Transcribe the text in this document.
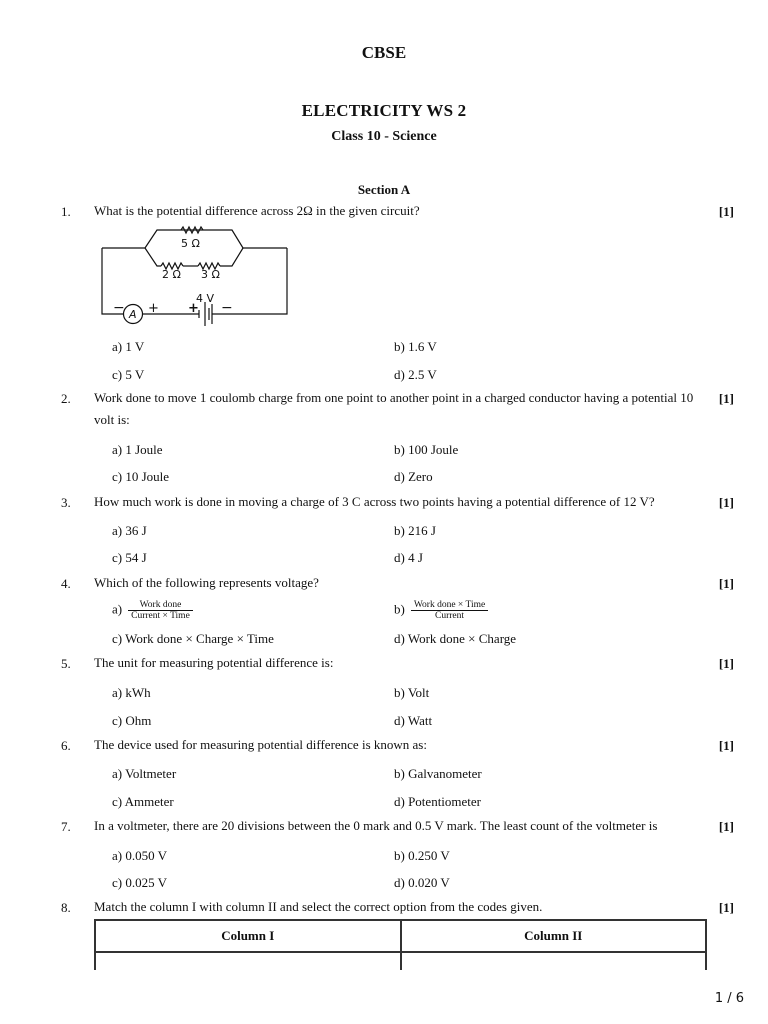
CBSE
ELECTRICITY WS 2
Class 10 - Science
Section A
1. What is the potential difference across 2Ω in the given circuit?	[1]
5 Ω
2 Ω 3 Ω
4 V
A
− + + −
a) 1 V	b) 1.6 V
c) 5 V	d) 2.5 V
2. Work done to move 1 coulomb charge from one point to another point in a charged conductor having a potential 10 volt is:
[1]
a) 1 Joule	b) 100 Joule
c) 10 Joule	d) Zero
3. How much work is done in moving a charge of 3 C across two points having a potential difference of 12 V?	[1]
a) 36 J	b) 216 J
c) 54 J	d) 4 J
4. Which of the following represents voltage?	[1]
$a) \frac{\text{Work done}}{\text{Current × Time}}$	$b) \frac{\text{Work done × Time}}{\text{Current}}$
c) Work done × Charge × Time	d) Work done × Charge
5. The unit for measuring potential difference is:	[1]
a) kWh	b) Volt
c) Ohm	d) Watt
6. The device used for measuring potential difference is known as:	[1]
a) Voltmeter	b) Galvanometer
c) Ammeter	d) Potentiometer
7. In a voltmeter, there are 20 divisions between the 0 mark and 0.5 V mark. The least count of the voltmeter is	[1]
a) 0.050 V	b) 0.250 V
c) 0.025 V	d) 0.020 V
8. Match the column I with column II and select the correct option from the codes given.	[1]
Column I	Column II

1 / 6
